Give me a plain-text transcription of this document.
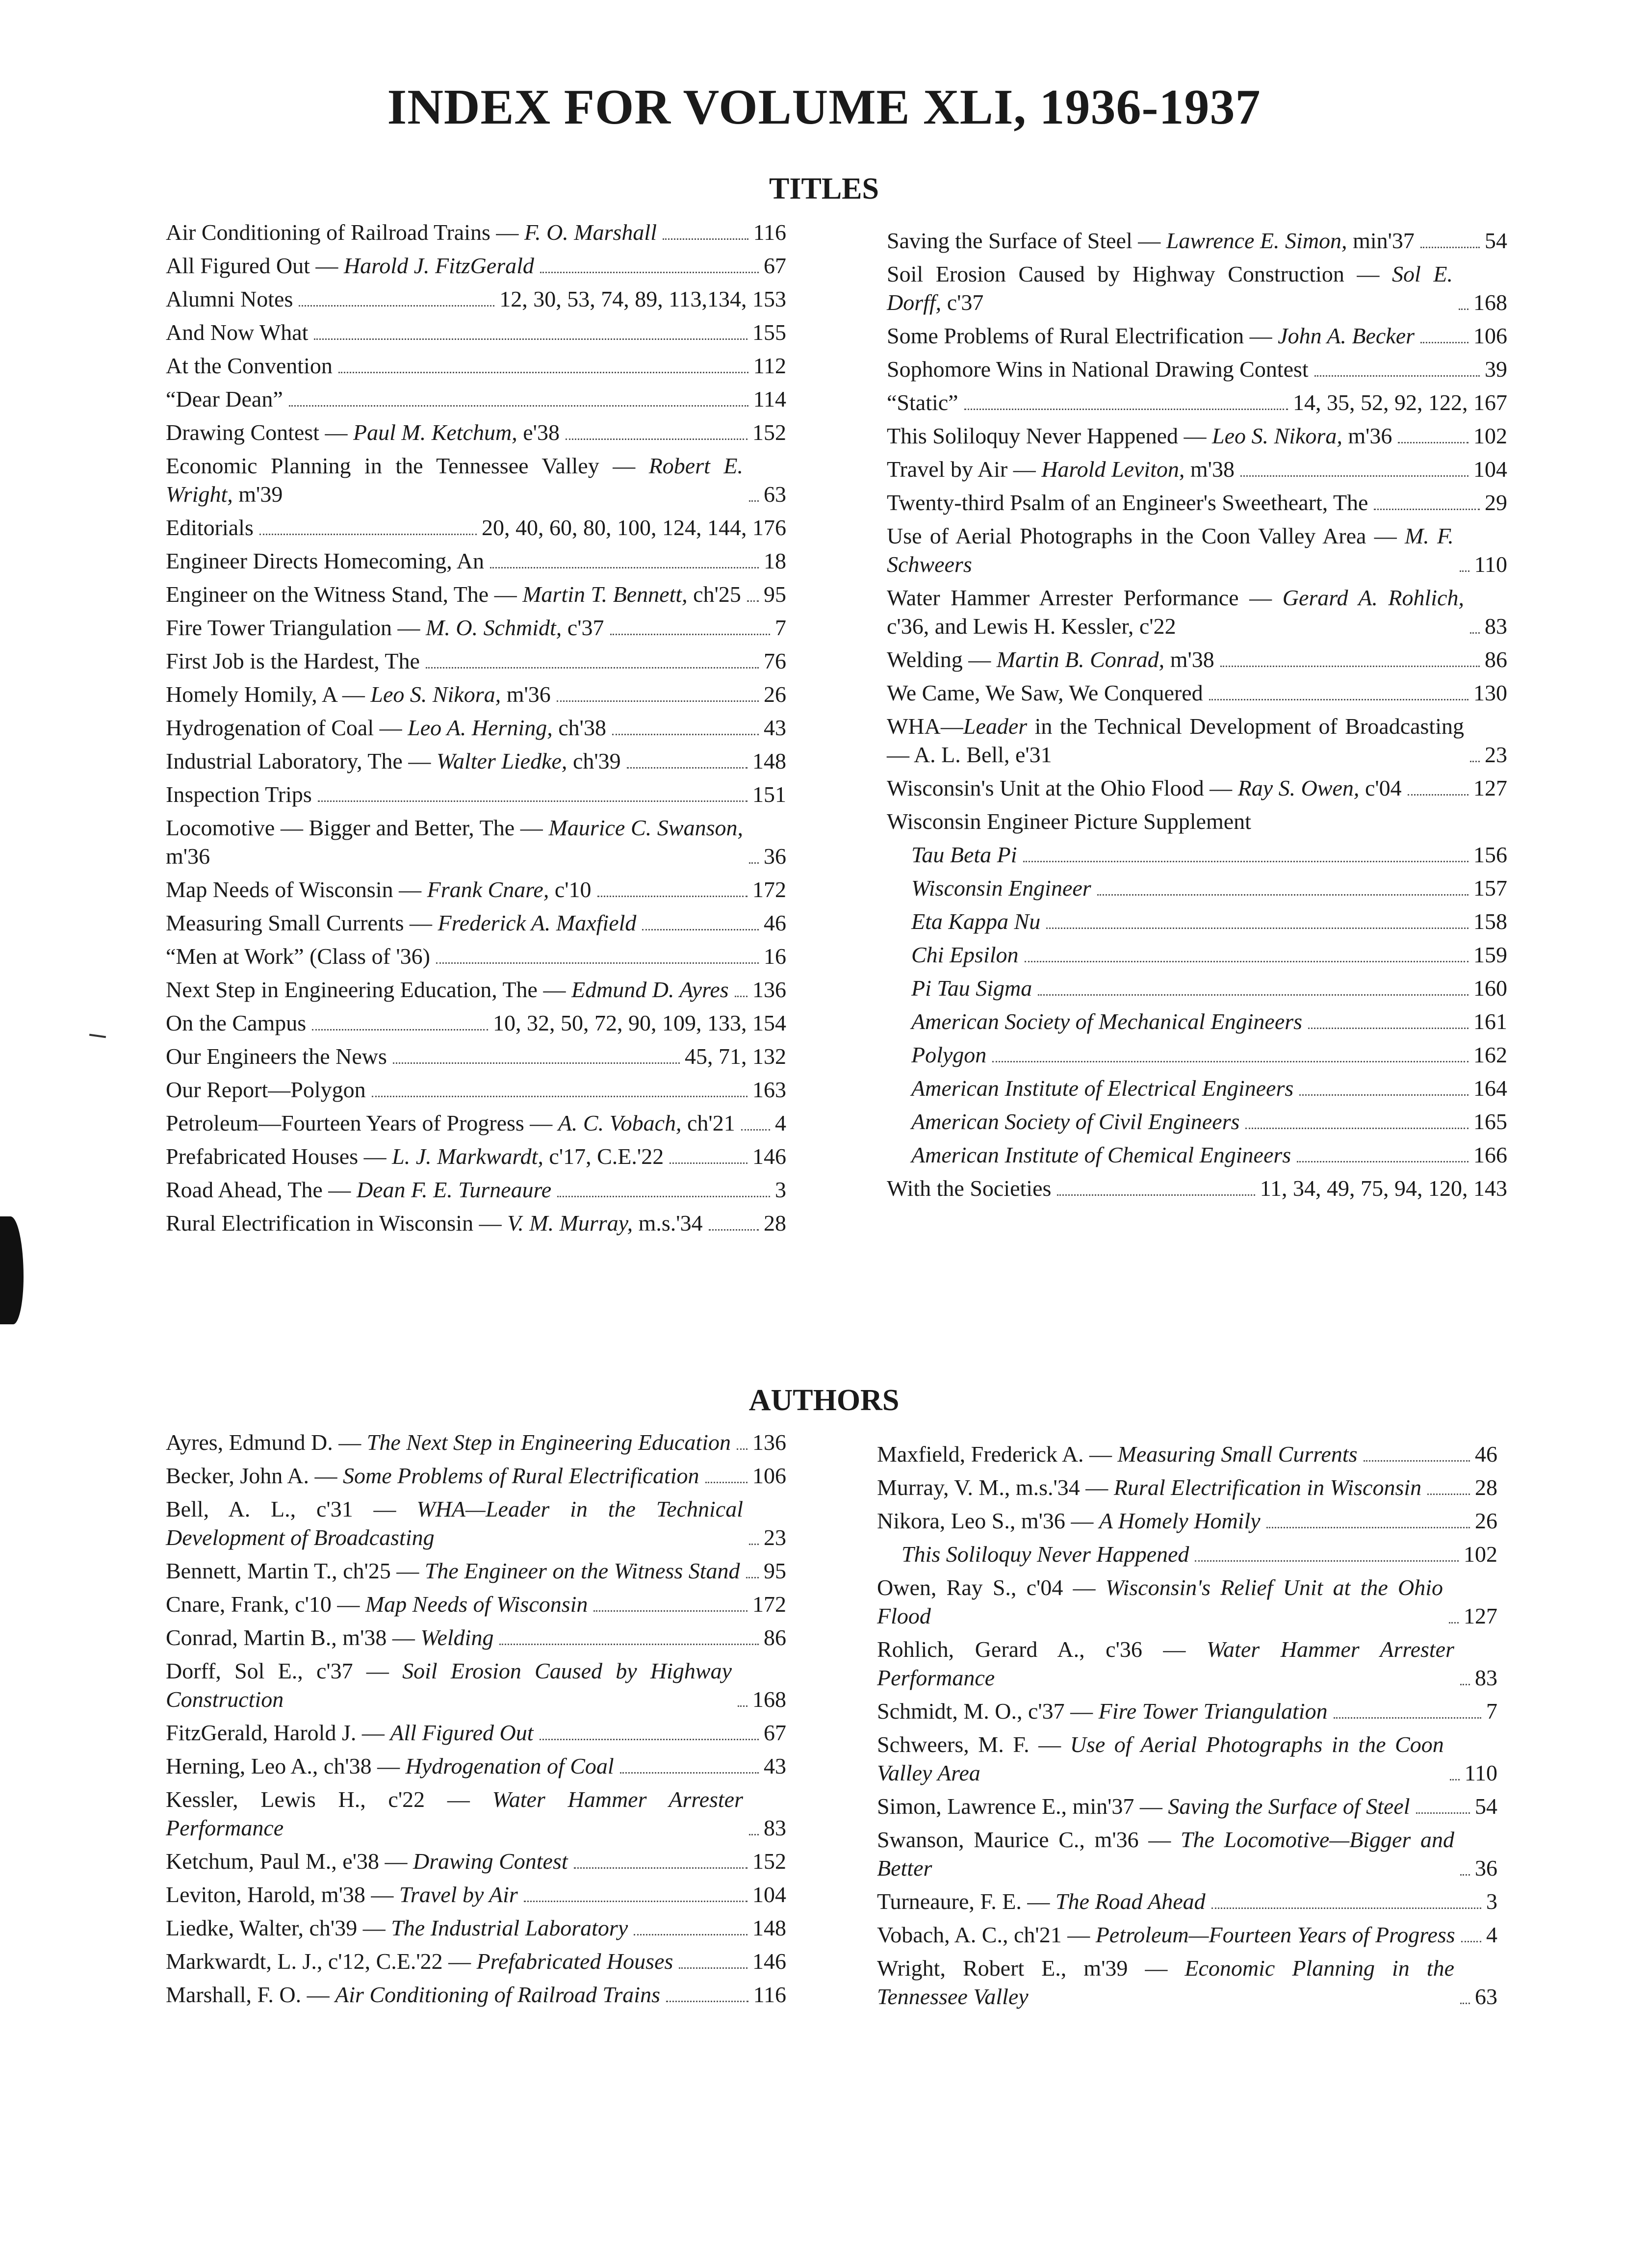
INDEX FOR VOLUME XLI, 1936-1937
TITLES
Air Conditioning of Railroad Trains — F. O. Marshall	116
All Figured Out — Harold J. FitzGerald	67
Alumni Notes	12, 30, 53, 74, 89, 113,134, 153
And Now What	155
At the Convention	112
“Dear Dean”	114
Drawing Contest — Paul M. Ketchum, e'38	152
Economic Planning in the Tennessee Valley — Robert E. Wright, m'39	63
Editorials	20, 40, 60, 80, 100, 124, 144, 176
Engineer Directs Homecoming, An	18
Engineer on the Witness Stand, The — Martin T. Bennett, ch'25 95
Fire Tower Triangulation — M. O. Schmidt, c'37	7
First Job is the Hardest, The	76
Homely Homily, A — Leo S. Nikora, m'36	26
Hydrogenation of Coal — Leo A. Herning, ch'38	43
Industrial Laboratory, The — Walter Liedke, ch'39	148
Inspection Trips	151
Locomotive — Bigger and Better, The — Maurice C. Swanson, m'36	36
Map Needs of Wisconsin — Frank Cnare, c'10	172
Measuring Small Currents — Frederick A. Maxfield	46
“Men at Work” (Class of '36)	16
Next Step in Engineering Education, The — Edmund D. Ayres 136
On the Campus	10, 32, 50, 72, 90, 109, 133, 154
Our Engineers the News	45, 71, 132
Our Report—Polygon	163
Petroleum—Fourteen Years of Progress — A. C. Vobach, ch'21 4
Prefabricated Houses — L. J. Markwardt, c'17, C.E.'22	146
Road Ahead, The — Dean F. E. Turneaure	3
Rural Electrification in Wisconsin — V. M. Murray, m.s.'34	28
Saving the Surface of Steel — Lawrence E. Simon, min'37	54
Soil Erosion Caused by Highway Construction — Sol E. Dorff, c'37	168
Some Problems of Rural Electrification — John A. Becker	106
Sophomore Wins in National Drawing Contest	39
“Static”	14, 35, 52, 92, 122, 167
This Soliloquy Never Happened — Leo S. Nikora, m'36	102
Travel by Air — Harold Leviton, m'38	104
Twenty-third Psalm of an Engineer's Sweetheart, The	29
Use of Aerial Photographs in the Coon Valley Area — M. F. Schweers	110
Water Hammer Arrester Performance — Gerard A. Rohlich, c'36, and Lewis H. Kessler, c'22	83
Welding — Martin B. Conrad, m'38	86
We Came, We Saw, We Conquered	130
WHA—Leader in the Technical Development of Broadcasting — A. L. Bell, e'31	23
Wisconsin's Unit at the Ohio Flood — Ray S. Owen, c'04	127
Wisconsin Engineer Picture Supplement
Tau Beta Pi	156
Wisconsin Engineer	157
Eta Kappa Nu	158
Chi Epsilon	159
Pi Tau Sigma	160
American Society of Mechanical Engineers	161
Polygon	162
American Institute of Electrical Engineers	164
American Society of Civil Engineers	165
American Institute of Chemical Engineers	166
With the Societies	11, 34, 49, 75, 94, 120, 143
AUTHORS
Ayres, Edmund D. — The Next Step in Engineering Education 136
Becker, John A. — Some Problems of Rural Electrification 106
Bell, A. L., c'31 — WHA—Leader in the Technical Development of Broadcasting	23
Bennett, Martin T., ch'25 — The Engineer on the Witness Stand 95
Cnare, Frank, c'10 — Map Needs of Wisconsin	172
Conrad, Martin B., m'38 — Welding	86
Dorff, Sol E., c'37 — Soil Erosion Caused by Highway Construction	168
FitzGerald, Harold J. — All Figured Out	67
Herning, Leo A., ch'38 — Hydrogenation of Coal	43
Kessler, Lewis H., c'22 — Water Hammer Arrester Performance	83
Ketchum, Paul M., e'38 — Drawing Contest	152
Leviton, Harold, m'38 — Travel by Air	104
Liedke, Walter, ch'39 — The Industrial Laboratory	148
Markwardt, L. J., c'12, C.E.'22 — Prefabricated Houses	146
Marshall, F. O. — Air Conditioning of Railroad Trains	116
Maxfield, Frederick A. — Measuring Small Currents	46
Murray, V. M., m.s.'34 — Rural Electrification in Wisconsin 28
Nikora, Leo S., m'36 — A Homely Homily	26
This Soliloquy Never Happened	102
Owen, Ray S., c'04 — Wisconsin's Relief Unit at the Ohio Flood	127
Rohlich, Gerard A., c'36 — Water Hammer Arrester Performance	83
Schmidt, M. O., c'37 — Fire Tower Triangulation	7
Schweers, M. F. — Use of Aerial Photographs in the Coon Valley Area	110
Simon, Lawrence E., min'37 — Saving the Surface of Steel	54
Swanson, Maurice C., m'36 — The Locomotive—Bigger and Better	36
Turneaure, F. E. — The Road Ahead	3
Vobach, A. C., ch'21 — Petroleum—Fourteen Years of Progress 4
Wright, Robert E., m'39 — Economic Planning in the Tennessee Valley	63
